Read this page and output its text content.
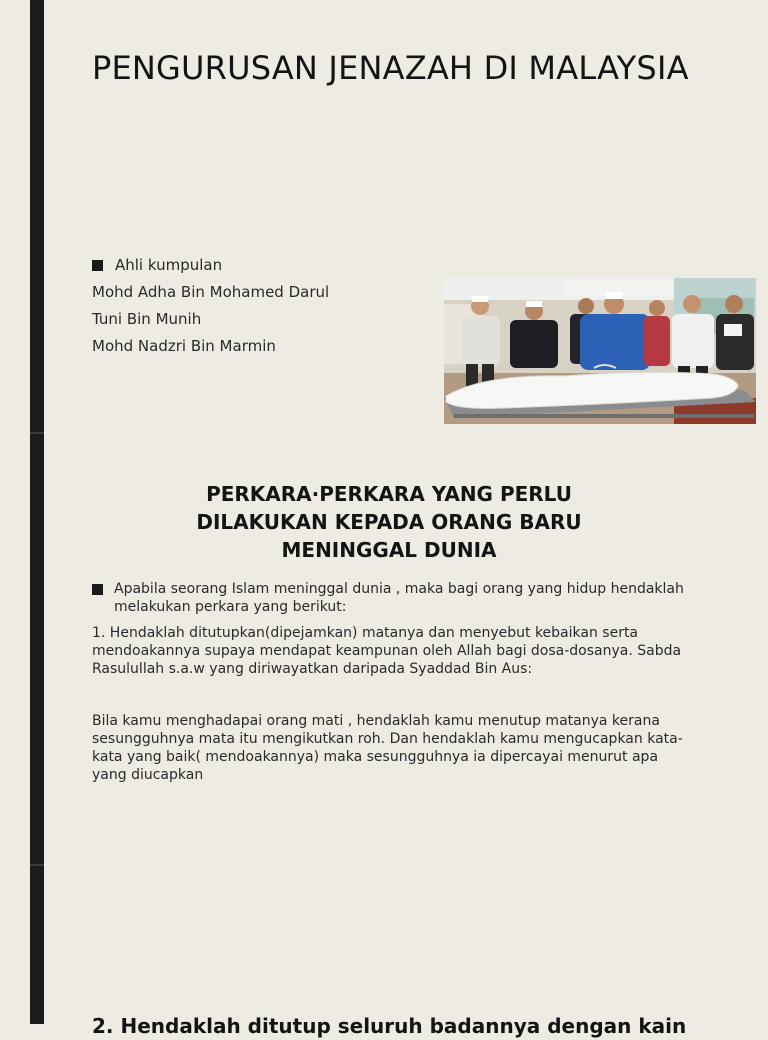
PENGURUSAN JENAZAH DI MALAYSIA
Ahli kumpulan
Mohd Adha Bin Mohamed Darul
Tuni Bin Munih
Mohd Nadzri Bin Marmin
PERKARA·PERKARA YANG PERLU DILAKUKAN KEPADA ORANG BARU MENINGGAL DUNIA
Apabila seorang Islam meninggal dunia , maka bagi orang yang hidup hendaklah melakukan perkara yang berikut:

1. Hendaklah ditutupkan(dipejamkan) matanya dan menyebut kebaikan serta mendoakannya supaya mendapat keampunan oleh Allah bagi dosa-dosanya. Sabda Rasulullah s.a.w yang diriwayatkan daripada Syaddad Bin Aus:

Bila kamu menghadapai orang mati , hendaklah kamu menutup matanya kerana sesungguhnya mata itu mengikutkan roh. Dan hendaklah kamu mengucapkan kata-kata yang baik( mendoakannya) maka sesungguhnya ia dipercayai menurut apa yang diucapkan

2. Hendaklah ditutup seluruh badannya dengan kain
